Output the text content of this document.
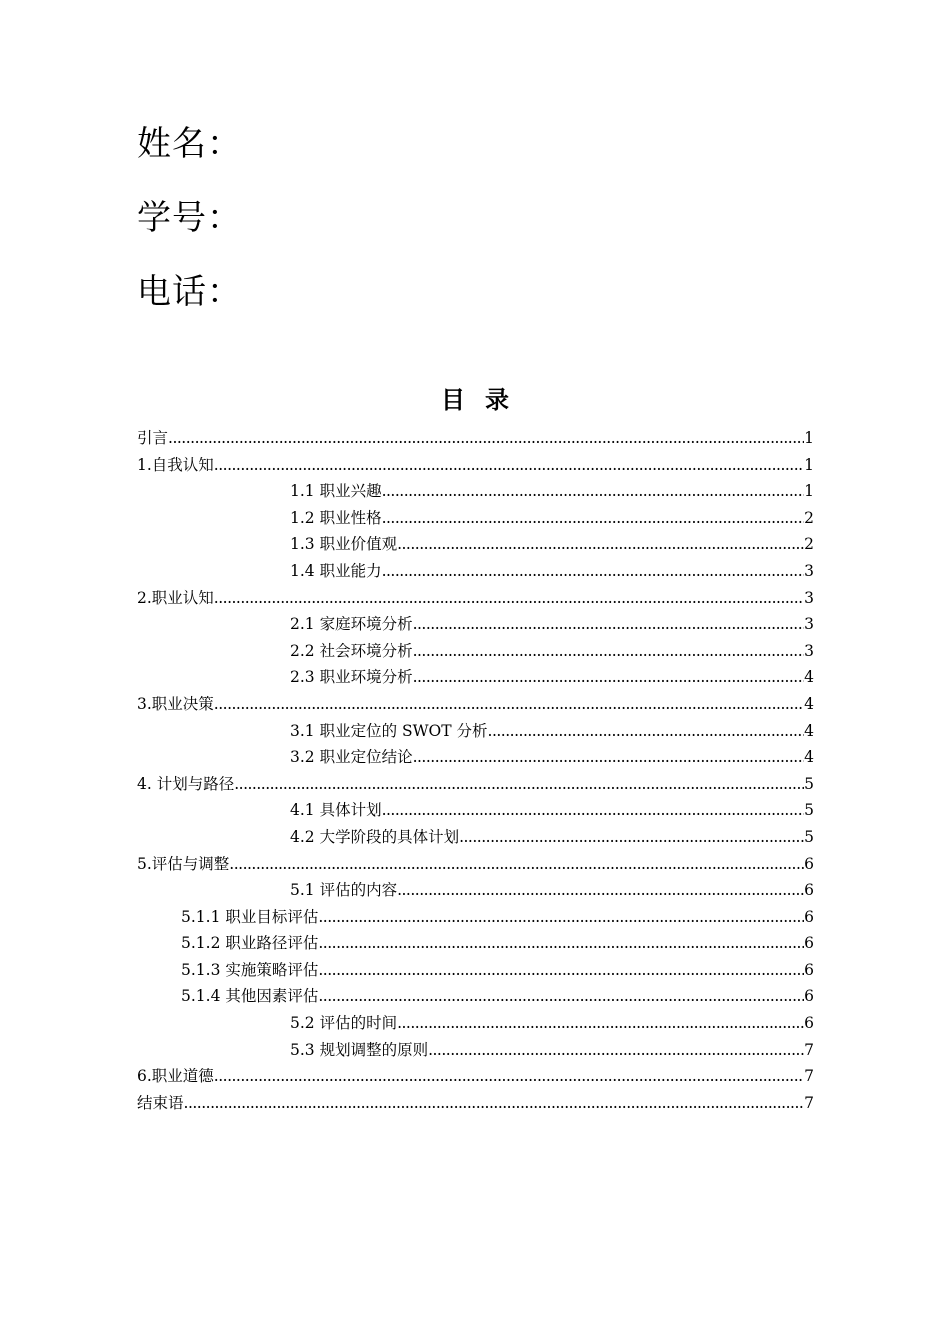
姓名：
学号：
电话：
目录
引言 .....	1
1.自我认知 .....	1
1.1 职业兴趣 .....	1
1.2 职业性格 .....	2
1.3 职业价值观 .....	2
1.4 职业能力 .....	3
2.职业认知 .....	3
2.1 家庭环境分析 .....	3
2.2 社会环境分析 .....	3
2.3 职业环境分析 .....	4
3.职业决策 .....	4
3.1 职业定位的 SWOT 分析 .....	4
3.2 职业定位结论 .....	4
4. 计划与路径 .....	5
4.1 具体计划 .....	5
4.2 大学阶段的具体计划 .....	5
5.评估与调整 .....	6
5.1 评估的内容 .....	6
5.1.1 职业目标评估 .....	6
5.1.2 职业路径评估 .....	6
5.1.3 实施策略评估 .....	6
5.1.4 其他因素评估 .....	6
5.2 评估的时间 .....	6
5.3 规划调整的原则 .....	7
6.职业道德 .....	7
结束语 .....	7
